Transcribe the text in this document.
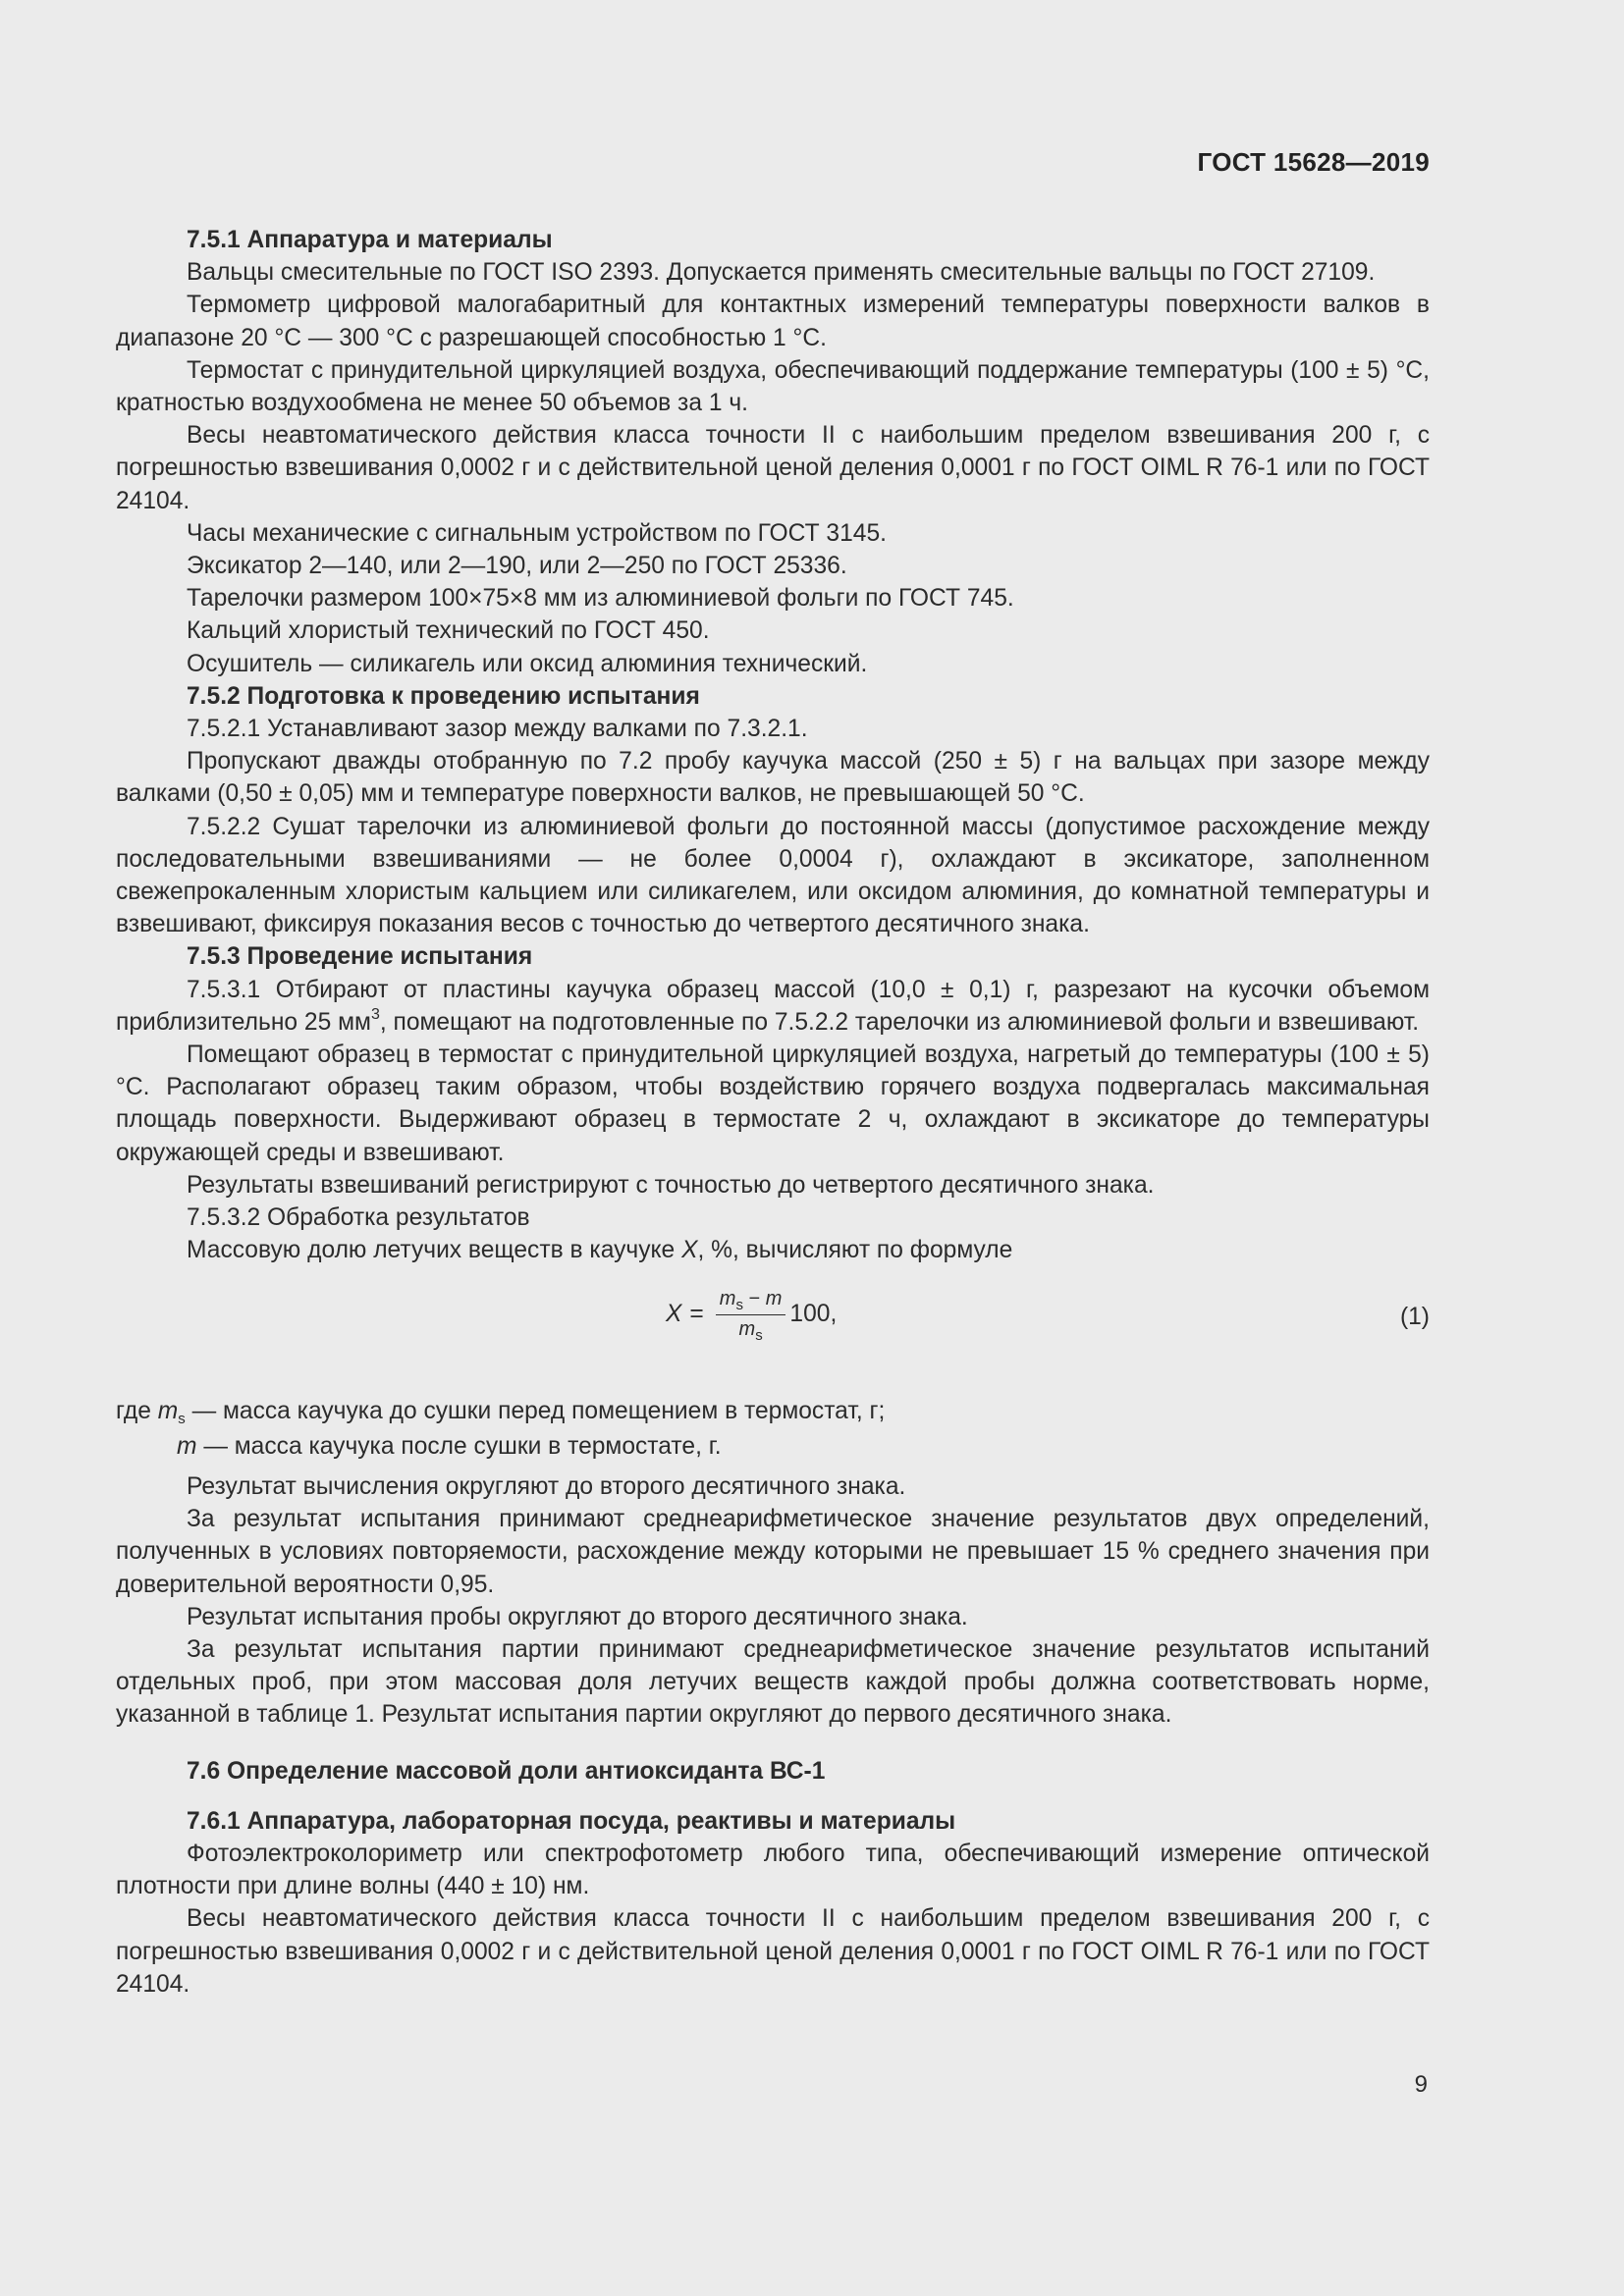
ГОСТ 15628—2019

7.5.1 Аппаратура и материалы

Вальцы смесительные по ГОСТ ISO 2393. Допускается применять смесительные вальцы по ГОСТ 27109.

Термометр цифровой малогабаритный для контактных измерений температуры поверхности валков в диапазоне 20 °С — 300 °С с разрешающей способностью 1 °С.

Термостат с принудительной циркуляцией воздуха, обеспечивающий поддержание температуры (100 ± 5) °С, кратностью воздухообмена не менее 50 объемов за 1 ч.

Весы неавтоматического действия класса точности II с наибольшим пределом взвешивания 200 г, с погрешностью взвешивания 0,0002 г и с действительной ценой деления 0,0001 г по ГОСТ OIML R 76-1 или по ГОСТ 24104.

Часы механические с сигнальным устройством по ГОСТ 3145.

Эксикатор 2—140, или 2—190, или 2—250 по ГОСТ 25336.

Тарелочки размером 100×75×8 мм из алюминиевой фольги по ГОСТ 745.

Кальций хлористый технический по ГОСТ 450.

Осушитель — силикагель или оксид алюминия технический.

7.5.2 Подготовка к проведению испытания

7.5.2.1 Устанавливают зазор между валками по 7.3.2.1.

Пропускают дважды отобранную по 7.2 пробу каучука массой (250 ± 5) г на вальцах при зазоре между валками (0,50 ± 0,05) мм и температуре поверхности валков, не превышающей 50 °С.

7.5.2.2 Сушат тарелочки из алюминиевой фольги до постоянной массы (допустимое расхождение между последовательными взвешиваниями — не более 0,0004 г), охлаждают в эксикаторе, заполненном свежепрокаленным хлористым кальцием или силикагелем, или оксидом алюминия, до комнатной температуры и взвешивают, фиксируя показания весов с точностью до четвертого десятичного знака.

7.5.3 Проведение испытания

7.5.3.1 Отбирают от пластины каучука образец массой (10,0 ± 0,1) г, разрезают на кусочки объемом приблизительно 25 $мм^3$, помещают на подготовленные по 7.5.2.2 тарелочки из алюминиевой фольги и взвешивают.

Помещают образец в термостат с принудительной циркуляцией воздуха, нагретый до температуры (100 ± 5) °С. Располагают образец таким образом, чтобы воздействию горячего воздуха подвергалась максимальная площадь поверхности. Выдерживают образец в термостате 2 ч, охлаждают в эксикаторе до температуры окружающей среды и взвешивают.

Результаты взвешиваний регистрируют с точностью до четвертого десятичного знака.

7.5.3.2 Обработка результатов

Массовую долю летучих веществ в каучуке X, %, вычисляют по формуле

$X = \frac{m_s - m}{m_s} 100$,	(1)

где $m_s$ — масса каучука до сушки перед помещением в термостат, г;

m — масса каучука после сушки в термостате, г.

Результат вычисления округляют до второго десятичного знака.

За результат испытания принимают среднеарифметическое значение результатов двух определений, полученных в условиях повторяемости, расхождение между которыми не превышает 15 % среднего значения при доверительной вероятности 0,95.

Результат испытания пробы округляют до второго десятичного знака.

За результат испытания партии принимают среднеарифметическое значение результатов испытаний отдельных проб, при этом массовая доля летучих веществ каждой пробы должна соответствовать норме, указанной в таблице 1. Результат испытания партии округляют до первого десятичного знака.

7.6 Определение массовой доли антиоксиданта ВС-1

7.6.1 Аппаратура, лабораторная посуда, реактивы и материалы

Фотоэлектроколориметр или спектрофотометр любого типа, обеспечивающий измерение оптической плотности при длине волны (440 ± 10) нм.

Весы неавтоматического действия класса точности II с наибольшим пределом взвешивания 200 г, с погрешностью взвешивания 0,0002 г и с действительной ценой деления 0,0001 г по ГОСТ OIML R 76-1 или по ГОСТ 24104.

9
